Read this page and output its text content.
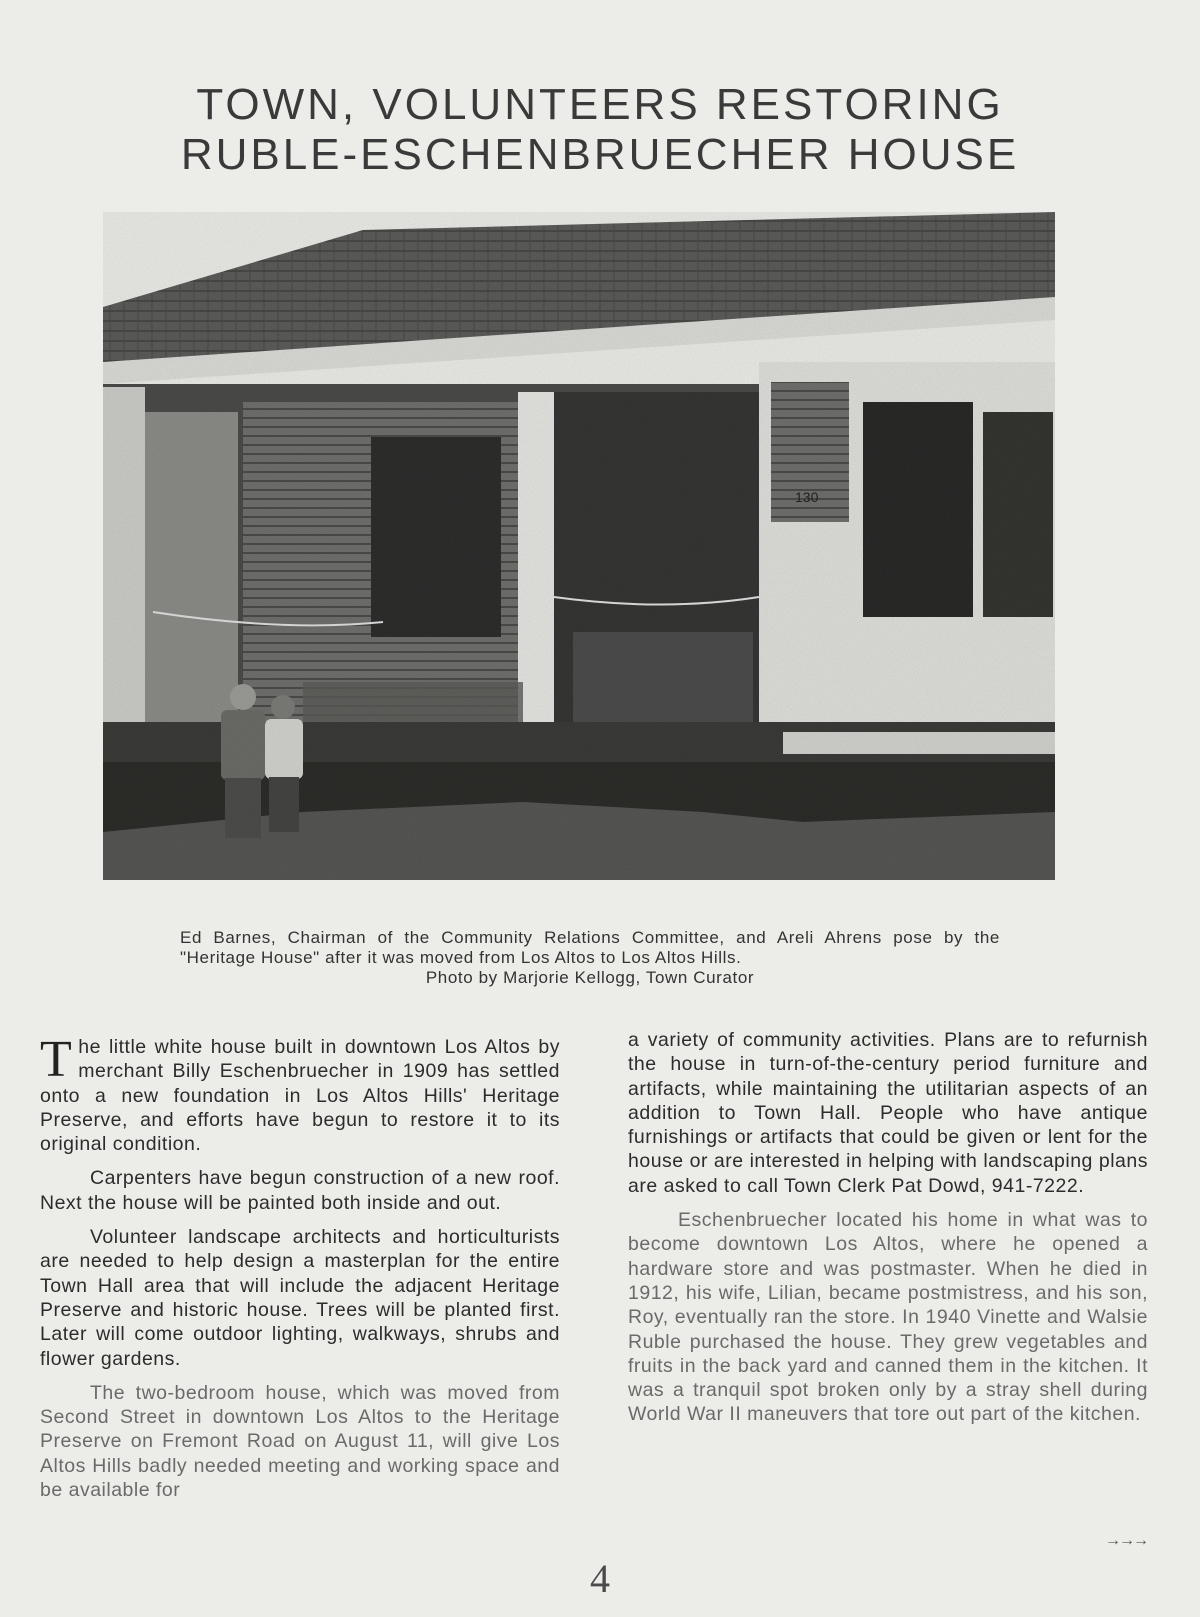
TOWN, VOLUNTEERS RESTORING
RUBLE-ESCHENBRUECHER HOUSE
130

Ed Barnes, Chairman of the Community Relations Committee, and Areli Ahrens pose by the "Heritage House" after it was moved from Los Altos to Los Altos Hills.

Photo by Marjorie Kellogg, Town Curator

The little white house built in downtown Los Altos by merchant Billy Eschenbruecher in 1909 has settled onto a new foundation in Los Altos Hills' Heritage Preserve, and efforts have begun to restore it to its original condition.

Carpenters have begun construction of a new roof. Next the house will be painted both inside and out.

Volunteer landscape architects and horticulturists are needed to help design a masterplan for the entire Town Hall area that will include the adjacent Heritage Preserve and historic house. Trees will be planted first. Later will come outdoor lighting, walkways, shrubs and flower gardens.

The two-bedroom house, which was moved from Second Street in downtown Los Altos to the Heritage Preserve on Fremont Road on August 11, will give Los Altos Hills badly needed meeting and working space and be available for

a variety of community activities. Plans are to refurnish the house in turn-of-the-century period furniture and artifacts, while maintaining the utilitarian aspects of an addition to Town Hall. People who have antique furnishings or artifacts that could be given or lent for the house or are interested in helping with landscaping plans are asked to call Town Clerk Pat Dowd, 941-7222.

Eschenbruecher located his home in what was to become downtown Los Altos, where he opened a hardware store and was postmaster. When he died in 1912, his wife, Lilian, became postmistress, and his son, Roy, eventually ran the store. In 1940 Vinette and Walsie Ruble purchased the house. They grew vegetables and fruits in the back yard and canned them in the kitchen. It was a tranquil spot broken only by a stray shell during World War II maneuvers that tore out part of the kitchen.

→→→
4
